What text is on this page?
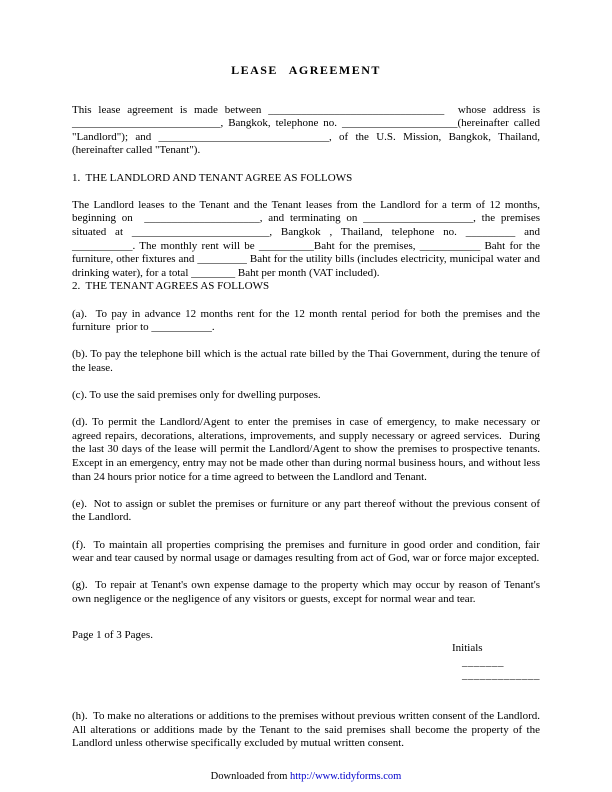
LEASE AGREEMENT

This lease agreement is made between ________________________________  whose address is ___________________________, Bangkok, telephone no. _____________________(hereinafter called "Landlord"); and _______________________________, of the U.S. Mission, Bangkok, Thailand, (hereinafter called "Tenant").

1.  THE LANDLORD AND TENANT AGREE AS FOLLOWS

The Landlord leases to the Tenant and the Tenant leases from the Landlord for a term of 12 months, beginning on  _____________________, and terminating on ____________________, the premises situated at _________________________, Bangkok , Thailand, telephone no. _________ and ___________. The monthly rent will be __________Baht for the premises, ___________ Baht for the furniture, other fixtures and _________ Baht for the utility bills (includes electricity, municipal water and drinking water), for a total ________ Baht per month (VAT included).

2.  THE TENANT AGREES AS FOLLOWS

(a).  To pay in advance 12 months rent for the 12 month rental period for both the premises and the furniture  prior to ___________.

(b). To pay the telephone bill which is the actual rate billed by the Thai Government, during the tenure of the lease.

(c). To use the said premises only for dwelling purposes.

(d). To permit the Landlord/Agent to enter the premises in case of emergency, to make necessary or agreed repairs, decorations, alterations, improvements, and supply necessary or agreed services.  During the last 30 days of the lease will permit the Landlord/Agent to show the premises to prospective tenants. Except in an emergency, entry may not be made other than during normal business hours, and without less than 24 hours prior notice for a time agreed to between the Landlord and Tenant.

(e).  Not to assign or sublet the premises or furniture or any part thereof without the previous consent of the Landlord.

(f).  To maintain all properties comprising the premises and furniture in good order and condition, fair wear and tear caused by normal usage or damages resulting from act of God, war or force major excepted.

(g).  To repair at Tenant's own expense damage to the property which may occur by reason of Tenant's own negligence or the negligence of any visitors or guests, except for normal wear and tear.

Page 1 of 3 Pages.

Initials
_______
_____________

(h).  To make no alterations or additions to the premises without previous written consent of the Landlord.  All alterations or additions made by the Tenant to the said premises shall become the property of the Landlord unless otherwise specifically excluded by mutual written consent.

Downloaded from http://www.tidyforms.com
